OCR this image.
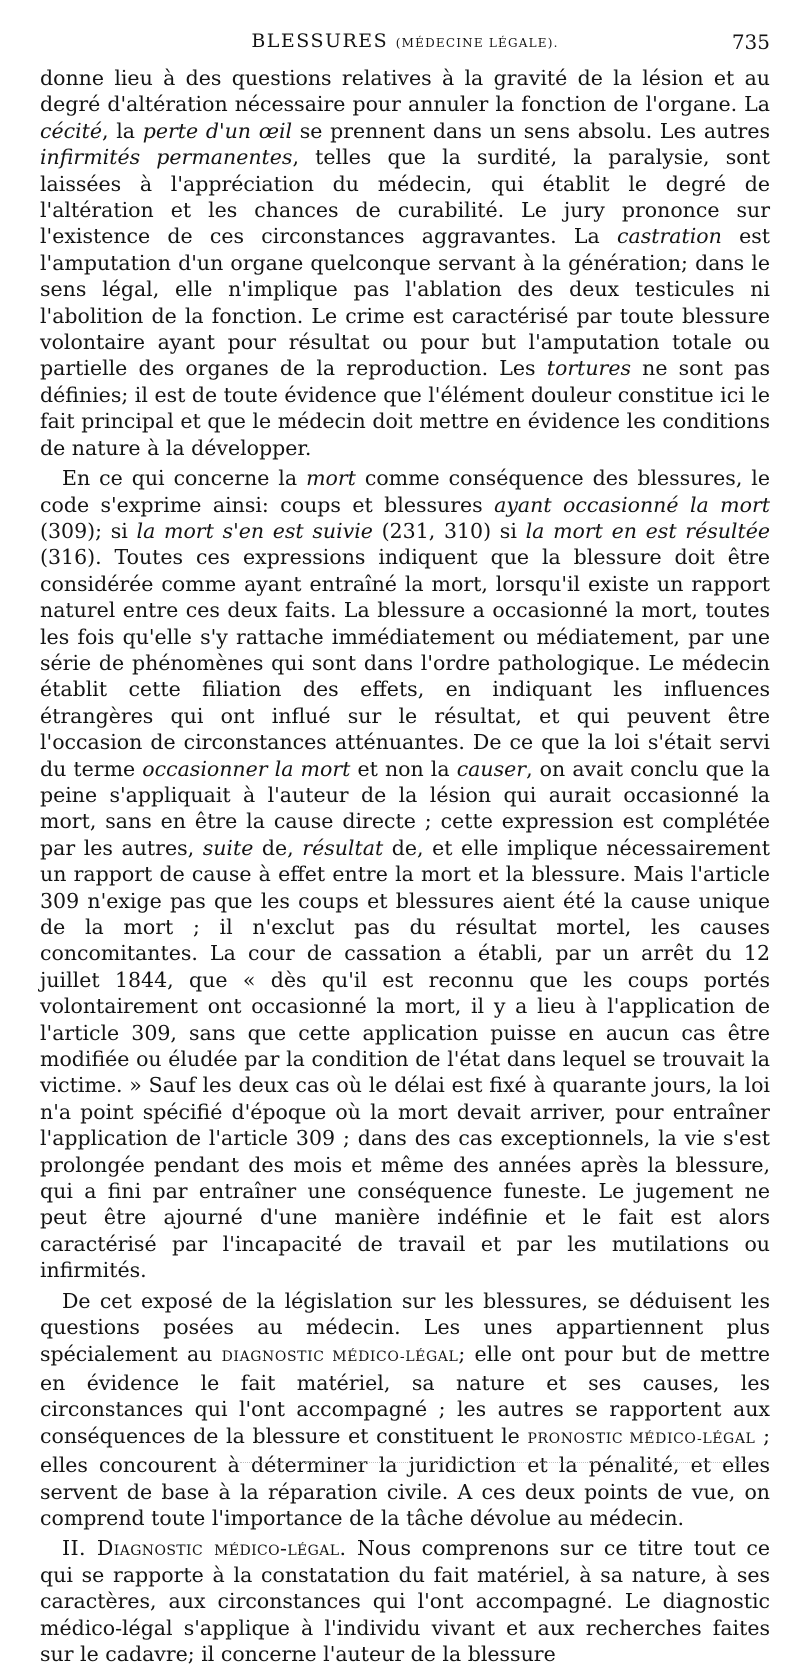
BLESSURES (MÉDECINE LÉGALE).	735

donne lieu à des questions relatives à la gravité de la lésion et au degré d'altération nécessaire pour annuler la fonction de l'organe. La cécité, la perte d'un œil se prennent dans un sens absolu. Les autres infirmités permanentes, telles que la surdité, la paralysie, sont laissées à l'appréciation du médecin, qui établit le degré de l'altération et les chances de curabilité. Le jury prononce sur l'existence de ces circonstances aggravantes. La castration est l'amputation d'un organe quelconque servant à la génération; dans le sens légal, elle n'implique pas l'ablation des deux testicules ni l'abolition de la fonction. Le crime est caractérisé par toute blessure volontaire ayant pour résultat ou pour but l'amputation totale ou partielle des organes de la reproduction. Les tortures ne sont pas définies; il est de toute évidence que l'élément douleur constitue ici le fait principal et que le médecin doit mettre en évidence les conditions de nature à la développer.

En ce qui concerne la mort comme conséquence des blessures, le code s'exprime ainsi: coups et blessures ayant occasionné la mort (309); si la mort s'en est suivie (231, 310) si la mort en est résultée (316). Toutes ces expressions indiquent que la blessure doit être considérée comme ayant entraîné la mort, lorsqu'il existe un rapport naturel entre ces deux faits. La blessure a occasionné la mort, toutes les fois qu'elle s'y rattache immédiatement ou médiatement, par une série de phénomènes qui sont dans l'ordre pathologique. Le médecin établit cette filiation des effets, en indiquant les influences étrangères qui ont influé sur le résultat, et qui peuvent être l'occasion de circonstances atténuantes. De ce que la loi s'était servi du terme occasionner la mort et non la causer, on avait conclu que la peine s'appliquait à l'auteur de la lésion qui aurait occasionné la mort, sans en être la cause directe ; cette expression est complétée par les autres, suite de, résultat de, et elle implique nécessairement un rapport de cause à effet entre la mort et la blessure. Mais l'article 309 n'exige pas que les coups et blessures aient été la cause unique de la mort ; il n'exclut pas du résultat mortel, les causes concomitantes. La cour de cassation a établi, par un arrêt du 12 juillet 1844, que « dès qu'il est reconnu que les coups portés volontairement ont occasionné la mort, il y a lieu à l'application de l'article 309, sans que cette application puisse en aucun cas être modifiée ou éludée par la condition de l'état dans lequel se trouvait la victime. » Sauf les deux cas où le délai est fixé à quarante jours, la loi n'a point spécifié d'époque où la mort devait arriver, pour entraîner l'application de l'article 309 ; dans des cas exceptionnels, la vie s'est prolongée pendant des mois et même des années après la blessure, qui a fini par entraîner une conséquence funeste. Le jugement ne peut être ajourné d'une manière indéfinie et le fait est alors caractérisé par l'incapacité de travail et par les mutilations ou infirmités.

De cet exposé de la législation sur les blessures, se déduisent les questions posées au médecin. Les unes appartiennent plus spécialement au DIAGNOSTIC MÉDICO-LÉGAL; elle ont pour but de mettre en évidence le fait matériel, sa nature et ses causes, les circonstances qui l'ont accompagné ; les autres se rapportent aux conséquences de la blessure et constituent le PRONOSTIC MÉDICO-LÉGAL ; elles concourent à déterminer la juridiction et la pénalité, et elles servent de base à la réparation civile. A ces deux points de vue, on comprend toute l'importance de la tâche dévolue au médecin.

II. Diagnostic médico-légal. Nous comprenons sur ce titre tout ce qui se rapporte à la constatation du fait matériel, à sa nature, à ses caractères, aux circonstances qui l'ont accompagné. Le diagnostic médico-légal s'applique à l'individu vivant et aux recherches faites sur le cadavre; il concerne l'auteur de la blessure
